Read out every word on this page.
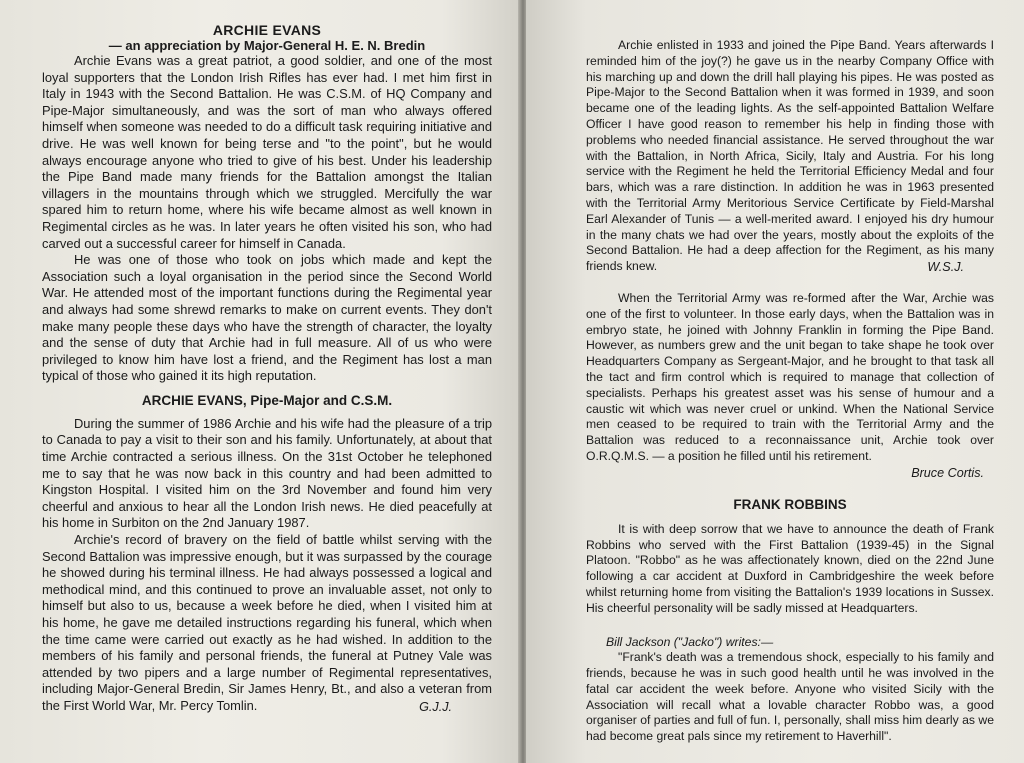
ARCHIE EVANS
— an appreciation by Major-General H. E. N. Bredin

Archie Evans was a great patriot, a good soldier, and one of the most loyal supporters that the London Irish Rifles has ever had. I met him first in Italy in 1943 with the Second Battalion. He was C.S.M. of HQ Company and Pipe-Major simultaneously, and was the sort of man who always offered himself when someone was needed to do a difficult task requiring initiative and drive. He was well known for being terse and "to the point", but he would always encourage anyone who tried to give of his best. Under his leadership the Pipe Band made many friends for the Battalion amongst the Italian villagers in the mountains through which we struggled. Mercifully the war spared him to return home, where his wife became almost as well known in Regimental circles as he was. In later years he often visited his son, who had carved out a successful career for himself in Canada.

He was one of those who took on jobs which made and kept the Association such a loyal organisation in the period since the Second World War. He attended most of the important functions during the Regimental year and always had some shrewd remarks to make on current events. They don't make many people these days who have the strength of character, the loyalty and the sense of duty that Archie had in full measure. All of us who were privileged to know him have lost a friend, and the Regiment has lost a man typical of those who gained it its high reputation.

ARCHIE EVANS, Pipe-Major and C.S.M.

During the summer of 1986 Archie and his wife had the pleasure of a trip to Canada to pay a visit to their son and his family. Unfortunately, at about that time Archie contracted a serious illness. On the 31st October he telephoned me to say that he was now back in this country and had been admitted to Kingston Hospital. I visited him on the 3rd November and found him very cheerful and anxious to hear all the London Irish news. He died peacefully at his home in Surbiton on the 2nd January 1987.

Archie's record of bravery on the field of battle whilst serving with the Second Battalion was impressive enough, but it was surpassed by the courage he showed during his terminal illness. He had always possessed a logical and methodical mind, and this continued to prove an invaluable asset, not only to himself but also to us, because a week before he died, when I visited him at his home, he gave me detailed instructions regarding his funeral, which when the time came were carried out exactly as he had wished. In addition to the members of his family and personal friends, the funeral at Putney Vale was attended by two pipers and a large number of Regimental representatives, including Major-General Bredin, Sir James Henry, Bt., and also a veteran from the First World War, Mr. Percy Tomlin.	G.J.J.

Archie enlisted in 1933 and joined the Pipe Band. Years afterwards I reminded him of the joy(?) he gave us in the nearby Company Office with his marching up and down the drill hall playing his pipes. He was posted as Pipe-Major to the Second Battalion when it was formed in 1939, and soon became one of the leading lights. As the self-appointed Battalion Welfare Officer I have good reason to remember his help in finding those with problems who needed financial assistance. He served throughout the war with the Battalion, in North Africa, Sicily, Italy and Austria. For his long service with the Regiment he held the Territorial Efficiency Medal and four bars, which was a rare distinction. In addition he was in 1963 presented with the Territorial Army Meritorious Service Certificate by Field-Marshal Earl Alexander of Tunis — a well-merited award. I enjoyed his dry humour in the many chats we had over the years, mostly about the exploits of the Second Battalion. He had a deep affection for the Regiment, as his many friends knew.	W.S.J.

When the Territorial Army was re-formed after the War, Archie was one of the first to volunteer. In those early days, when the Battalion was in embryo state, he joined with Johnny Franklin in forming the Pipe Band. However, as numbers grew and the unit began to take shape he took over Headquarters Company as Sergeant-Major, and he brought to that task all the tact and firm control which is required to manage that collection of specialists. Perhaps his greatest asset was his sense of humour and a caustic wit which was never cruel or unkind. When the National Service men ceased to be required to train with the Territorial Army and the Battalion was reduced to a reconnaissance unit, Archie took over O.R.Q.M.S. — a position he filled until his retirement.

Bruce Cortis.
FRANK ROBBINS

It is with deep sorrow that we have to announce the death of Frank Robbins who served with the First Battalion (1939-45) in the Signal Platoon. "Robbo" as he was affectionately known, died on the 22nd June following a car accident at Duxford in Cambridgeshire the week before whilst returning home from visiting the Battalion's 1939 locations in Sussex. His cheerful personality will be sadly missed at Headquarters.

Bill Jackson ("Jacko") writes:—

"Frank's death was a tremendous shock, especially to his family and friends, because he was in such good health until he was involved in the fatal car accident the week before. Anyone who visited Sicily with the Association will recall what a lovable character Robbo was, a good organiser of parties and full of fun. I, personally, shall miss him dearly as we had become great pals since my retirement to Haverhill".
